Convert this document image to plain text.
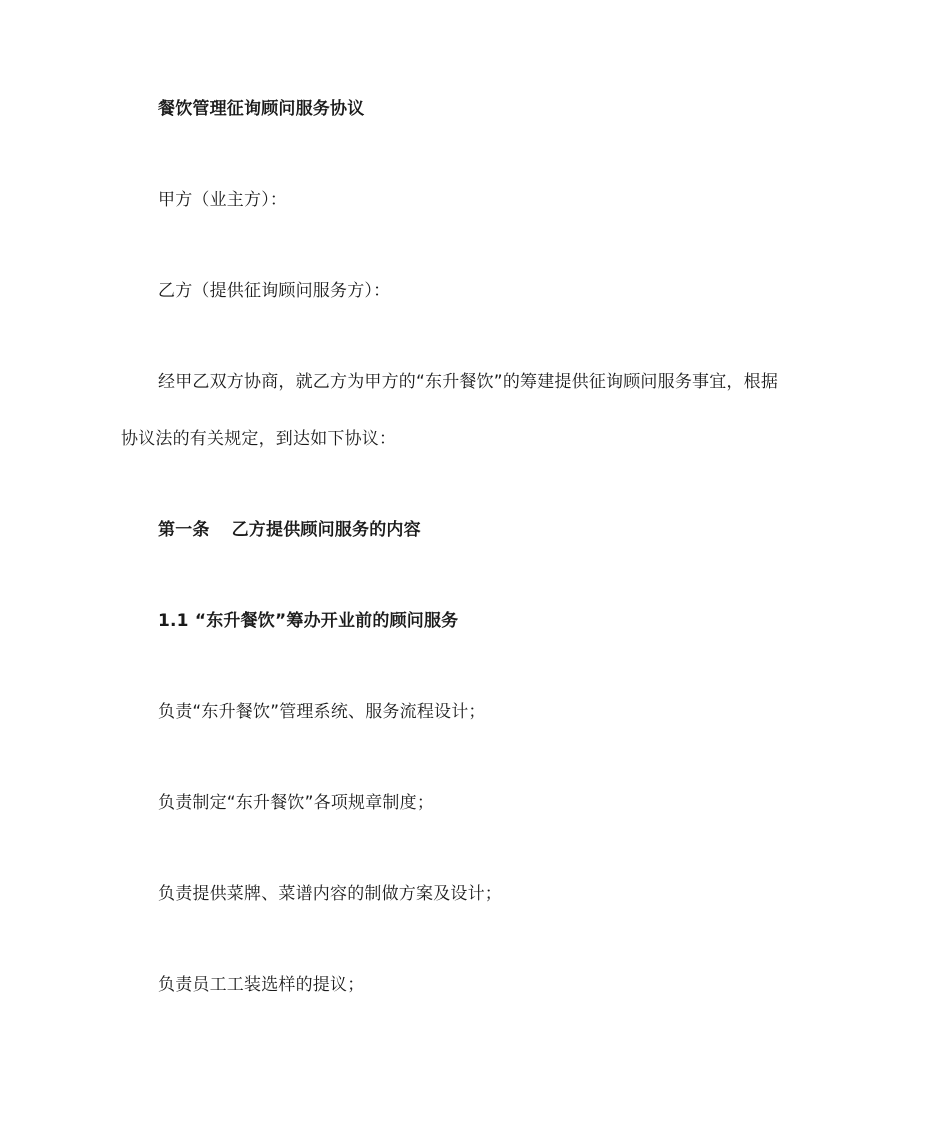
餐饮管理征询顾问服务协议
甲方（业主方）：
乙方（提供征询顾问服务方）：
经甲乙双方协商，就乙方为甲方的“东升餐饮”的筹建提供征询顾问服务事宜，根据
协议法的有关规定，到达如下协议：
第一条 乙方提供顾问服务的内容
1.1 “东升餐饮”筹办开业前的顾问服务
负责“东升餐饮”管理系统、服务流程设计；
负责制定“东升餐饮”各项规章制度；
负责提供菜牌、菜谱内容的制做方案及设计；
负责员工工装选样的提议；
